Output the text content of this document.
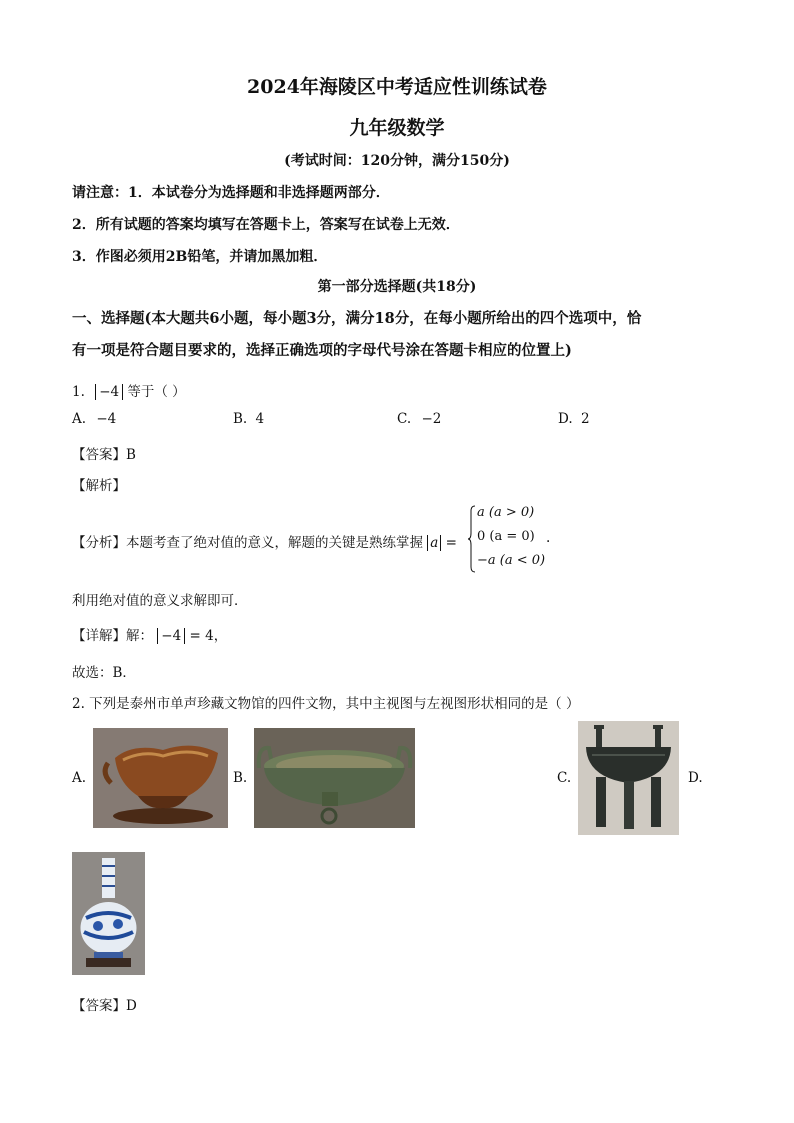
2024年海陵区中考适应性训练试卷
九年级数学
(考试时间：120分钟，满分150分)
请注意：1．本试卷分为选择题和非选择题两部分．
2．所有试题的答案均填写在答题卡上，答案写在试卷上无效．
3．作图必须用2B铅笔，并请加黑加粗．
第一部分选择题(共18分)
一、选择题(本大题共6小题，每小题3分，满分18分，在每小题所给出的四个选项中，恰
有一项是符合题目要求的，选择正确选项的字母代号涂在答题卡相应的位置上)
1. −4 等于（ ）
A. −4	B. 4	C. −2	D. 2
【答案】B
【解析】
【分析】本题考查了绝对值的意义，解题的关键是熟练掌握 a =
a (a > 0)
0 (a = 0)
−a (a < 0)
.
利用绝对值的意义求解即可．
【详解】解： −4 = 4，
故选：B．
2. 下列是泰州市单声珍藏文物馆的四件文物，其中主视图与左视图形状相同的是（ ）
A.	B.	C.	D.
【答案】D
